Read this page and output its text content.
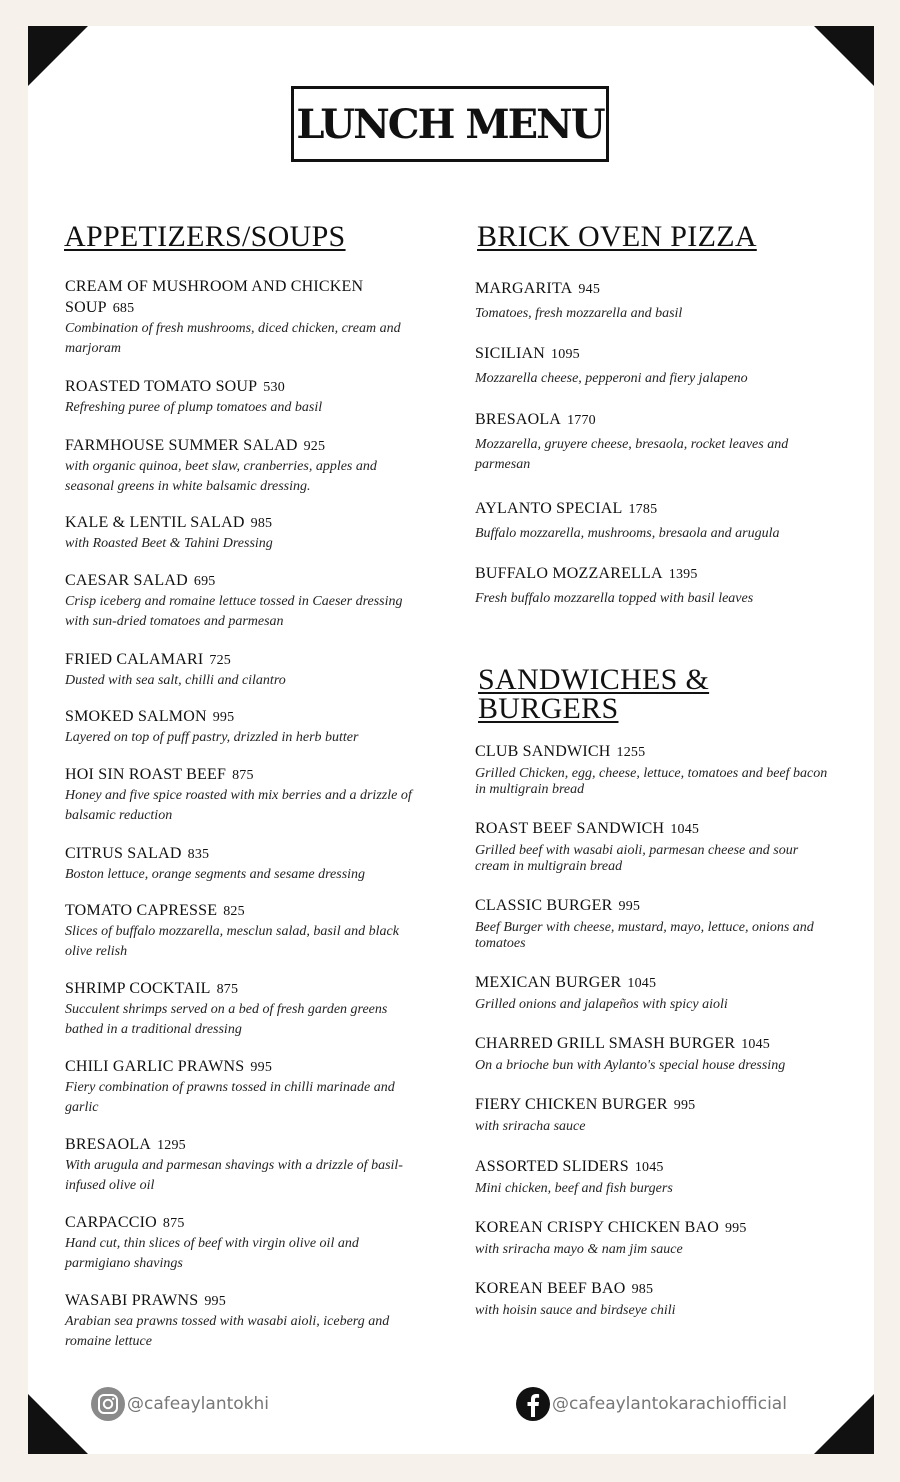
LUNCH MENU
APPETIZERS/SOUPS
CREAM OF MUSHROOM AND CHICKEN SOUP 685
Combination of fresh mushrooms, diced chicken, cream and marjoram
ROASTED TOMATO SOUP 530
Refreshing puree of plump tomatoes and basil
FARMHOUSE SUMMER SALAD 925
with organic quinoa, beet slaw, cranberries, apples and seasonal greens in white balsamic dressing.
KALE & LENTIL SALAD 985
with Roasted Beet & Tahini Dressing
CAESAR SALAD 695
Crisp iceberg and romaine lettuce tossed in Caeser dressing with sun-dried tomatoes and parmesan
FRIED CALAMARI 725
Dusted with sea salt, chilli and cilantro
SMOKED SALMON 995
Layered on top of puff pastry, drizzled in herb butter
HOI SIN ROAST BEEF 875
Honey and five spice roasted with mix berries and a drizzle of balsamic reduction
CITRUS SALAD 835
Boston lettuce, orange segments and sesame dressing
TOMATO CAPRESSE 825
Slices of buffalo mozzarella, mesclun salad, basil and black olive relish
SHRIMP COCKTAIL 875
Succulent shrimps served on a bed of fresh garden greens bathed in a traditional dressing
CHILI GARLIC PRAWNS 995
Fiery combination of prawns tossed in chilli marinade and garlic
BRESAOLA 1295
With arugula and parmesan shavings with a drizzle of basil-infused olive oil
CARPACCIO 875
Hand cut, thin slices of beef with virgin olive oil and parmigiano shavings
WASABI PRAWNS 995
Arabian sea prawns tossed with wasabi aioli, iceberg and romaine lettuce
BRICK OVEN PIZZA
MARGARITA 945
Tomatoes, fresh mozzarella and basil
SICILIAN 1095
Mozzarella cheese, pepperoni and fiery jalapeno
BRESAOLA 1770
Mozzarella, gruyere cheese, bresaola, rocket leaves and parmesan
AYLANTO SPECIAL 1785
Buffalo mozzarella, mushrooms, bresaola and arugula
BUFFALO MOZZARELLA 1395
Fresh buffalo mozzarella topped with basil leaves
SANDWICHES & BURGERS
CLUB SANDWICH 1255
Grilled Chicken, egg, cheese, lettuce, tomatoes and beef bacon in multigrain bread
ROAST BEEF SANDWICH 1045
Grilled beef with wasabi aioli, parmesan cheese and sour cream in multigrain bread
CLASSIC BURGER 995
Beef Burger with cheese, mustard, mayo, lettuce, onions and tomatoes
MEXICAN BURGER 1045
Grilled onions and jalapeños with spicy aioli
CHARRED GRILL SMASH BURGER 1045
On a brioche bun with Aylanto's special house dressing
FIERY CHICKEN BURGER 995
with sriracha sauce
ASSORTED SLIDERS 1045
Mini chicken, beef and fish burgers
KOREAN CRISPY CHICKEN BAO 995
with sriracha mayo & nam jim sauce
KOREAN BEEF BAO 985
with hoisin sauce and birdseye chili
@cafeaylantokhi	@cafeaylantokarachiofficial
